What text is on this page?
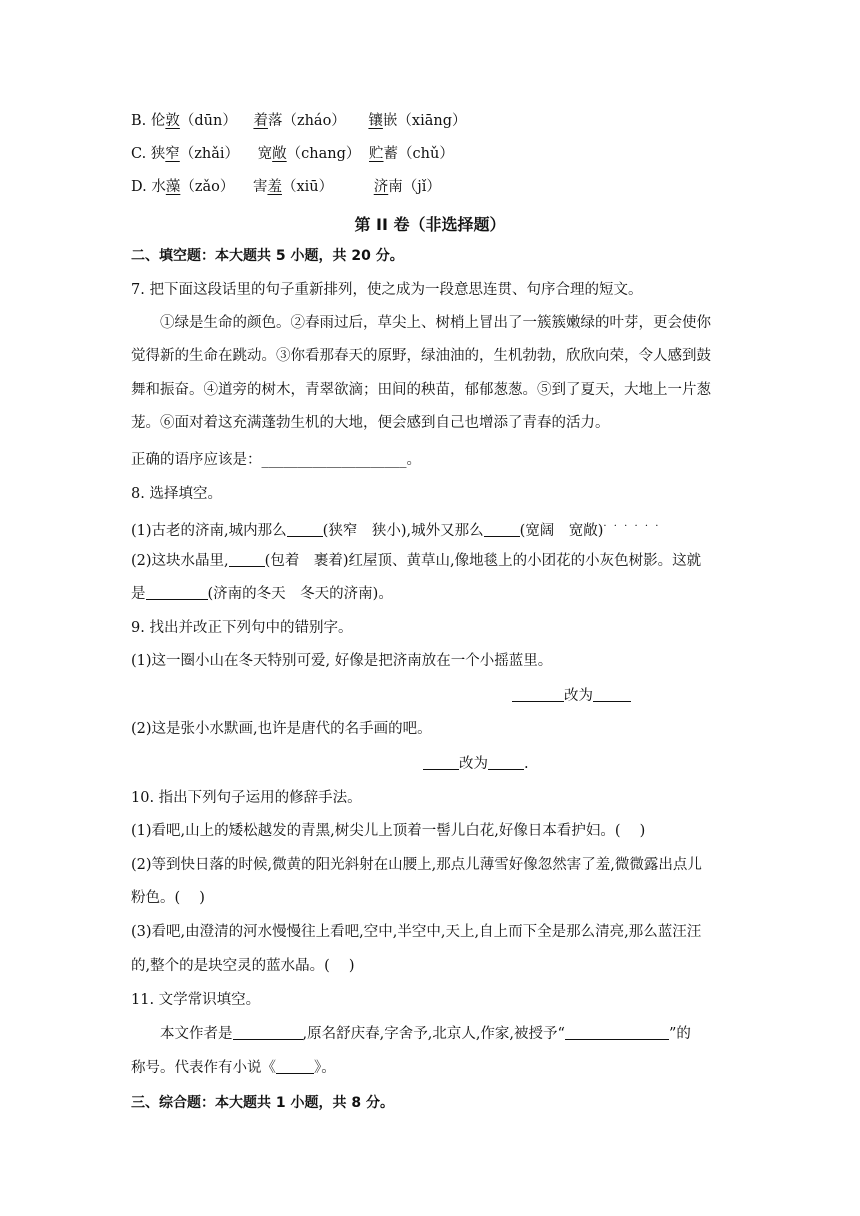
B. 伦敦（dūn） 着落（zháo） 镶嵌（xiāng）
C. 狭窄（zhǎi） 宽敞（chang） 贮蓄（chǔ）
D. 水藻（zǎo） 害羞（xiū）	济南（jǐ）
第 II 卷（非选择题）
二、填空题：本大题共 5 小题，共 20 分。
7. 把下面这段话里的句子重新排列，使之成为一段意思连贯、句序合理的短文。
①绿是生命的颜色。②春雨过后，草尖上、树梢上冒出了一簇簇嫩绿的叶芽，更会使你
觉得新的生命在跳动。③你看那春天的原野，绿油油的，生机勃勃，欣欣向荣，令人感到鼓
舞和振奋。④道旁的树木，青翠欲滴；田间的秧苗，郁郁葱葱。⑤到了夏天，大地上一片葱
茏。⑥面对着这充满蓬勃生机的大地，便会感到自己也增添了青春的活力。
正确的语序应该是：____________________。
8. 选择填空。
(1)古老的济南,城内那么 (狭窄　狭小),城外又那么 (宽阔　宽敞)· · · · · ·
(2)这块水晶里, (包着　裹着)红屋顶、黄草山,像地毯上的小团花的小灰色树影。这就
是	(济南的冬天　冬天的济南)。
9. 找出并改正下列句中的错别字。
(1)这一圈小山在冬天特别可爱, 好像是把济南放在一个小摇蓝里。
改为
(2)这是张小水默画,也许是唐代的名手画的吧。
改为 .
10. 指出下列句子运用的修辞手法。
(1)看吧,山上的矮松越发的青黑,树尖儿上顶着一髻儿白花,好像日本看护妇。(　 )
(2)等到快日落的时候,微黄的阳光斜射在山腰上,那点儿薄雪好像忽然害了羞,微微露出点儿
粉色。(　 )
(3)看吧,由澄清的河水慢慢往上看吧,空中,半空中,天上,自上而下全是那么清亮,那么蓝汪汪
的,整个的是块空灵的蓝水晶。(　 )
11. 文学常识填空。
本文作者是	,原名舒庆春,字舍予,北京人,作家,被授予“	”的
称号。代表作有小说《	》。
三、综合题：本大题共 1 小题，共 8 分。
